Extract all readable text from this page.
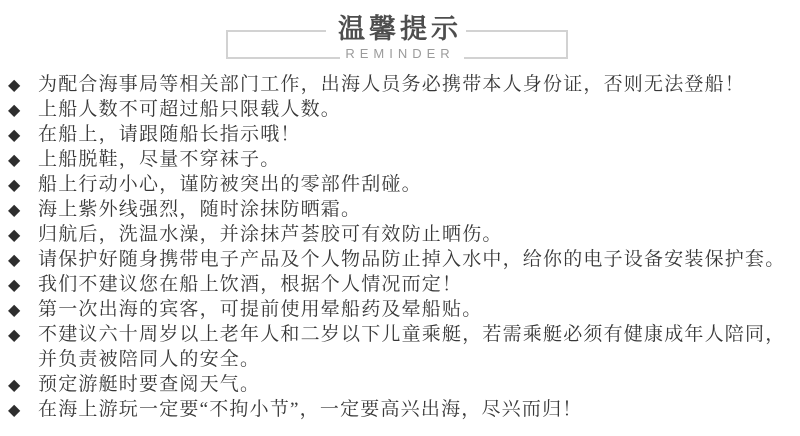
温馨提示
REMINDER
◆ 为配合海事局等相关部门工作，出海人员务必携带本人身份证，否则无法登船！
◆ 上船人数不可超过船只限载人数。
◆ 在船上，请跟随船长指示哦！
◆ 上船脱鞋，尽量不穿袜子。
◆ 船上行动小心，谨防被突出的零部件刮碰。
◆ 海上紫外线强烈，随时涂抹防晒霜。
◆ 归航后，洗温水澡，并涂抹芦荟胶可有效防止晒伤。
◆ 请保护好随身携带电子产品及个人物品防止掉入水中，给你的电子设备安装保护套。
◆ 我们不建议您在船上饮酒，根据个人情况而定！
◆ 第一次出海的宾客，可提前使用晕船药及晕船贴。
◆ 不建议六十周岁以上老年人和二岁以下儿童乘艇，若需乘艇必须有健康成年人陪同，并负责被陪同人的安全。
◆ 预定游艇时要查阅天气。
◆ 在海上游玩一定要“不拘小节”，一定要高兴出海，尽兴而归！
